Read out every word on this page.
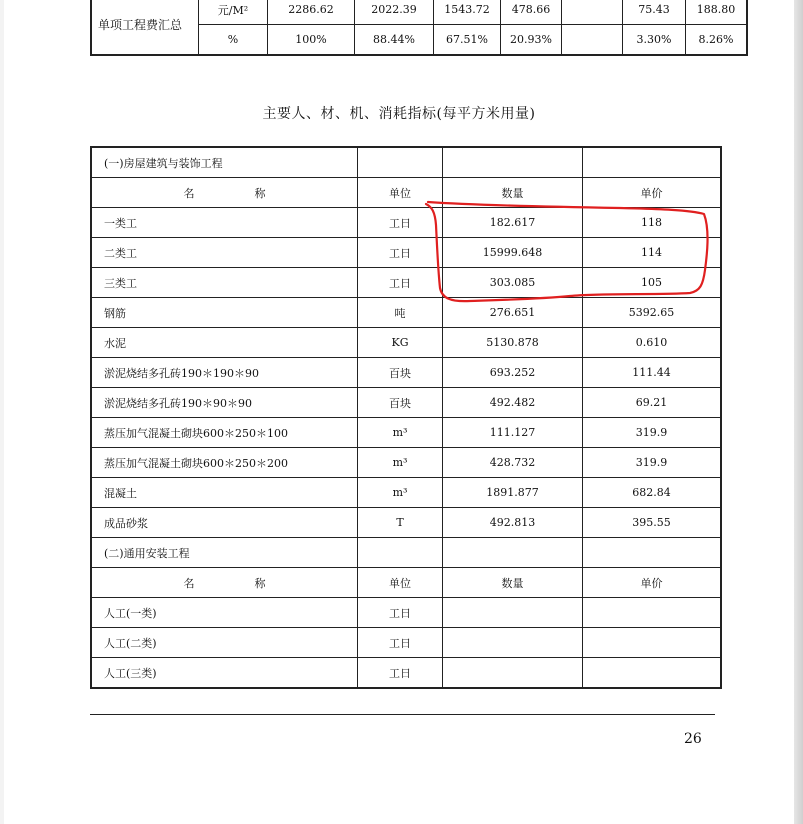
单项工程费汇总	元/M²	2286.62	2022.39	1543.72	478.66		75.43	188.80
	%	100%	88.44%	67.51%	20.93%		3.30%	8.26%
主要人、材、机、消耗指标(每平方米用量)
(一)房屋建筑与装饰工程			
名 称	单位	数量	单价
一类工	工日	182.617	118
二类工	工日	15999.648	114
三类工	工日	303.085	105
钢筋	吨	276.651	5392.65
水泥	KG	5130.878	0.610
淤泥烧结多孔砖190＊190＊90	百块	693.252	111.44
淤泥烧结多孔砖190＊90＊90	百块	492.482	69.21
蒸压加气混凝土砌块600＊250＊100	m³	111.127	319.9
蒸压加气混凝土砌块600＊250＊200	m³	428.732	319.9
混凝土	m³	1891.877	682.84
成品砂浆	T	492.813	395.55
(二)通用安装工程			
名 称	单位	数量	单价
人工(一类)	工日		
人工(二类)	工日		
人工(三类)	工日		
26
